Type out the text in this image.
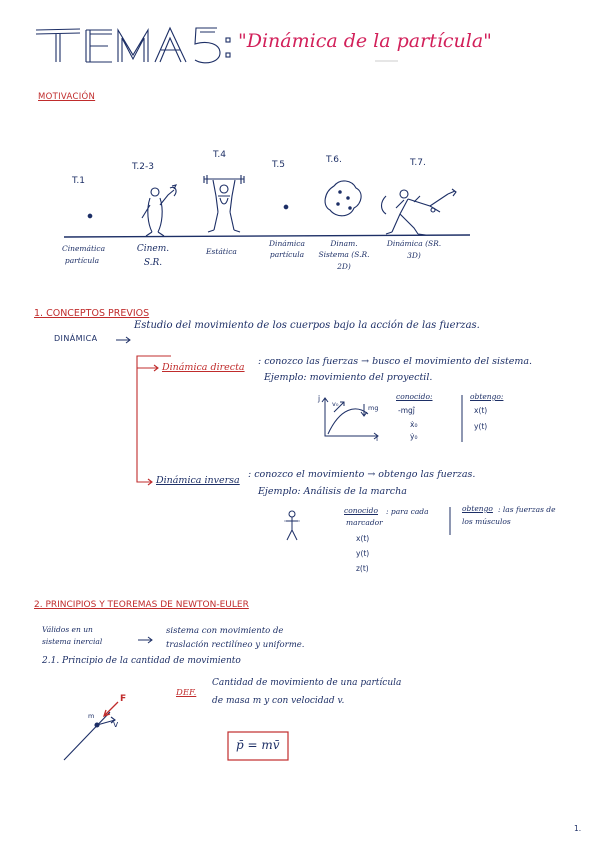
"Dinámica de la partícula"
MOTIVACIÓN
T.1
T.2-3
T.4
T.5	T.6.	T.7.
Cinemática partícula
Cinem. S.R.
Estática
Dinámica partícula
Dinam. Sistema (S.R. 2D)
Dinámica (SR. 3D)
1. CONCEPTOS PREVIOS
DINÁMICA
Estudio del movimiento de los cuerpos bajo la acción de las fuerzas.
Dinámica directa
: conozco las fuerzas → busco el movimiento del sistema.
Ejemplo: movimiento del proyectil.
j
i
v₀	mg
conocido:
-mgĵ
ẋ₀
ẏ₀
obtengo:
x(t)
y(t)
Dinámica inversa
: conozco el movimiento → obtengo las fuerzas.
Ejemplo: Análisis de la marcha
conocido	: para cada marcador
x(t)
y(t)
z(t)
obtengo : las fuerzas de los músculos
2. PRINCIPIOS Y TEOREMAS DE NEWTON-EULER
Válidos en un sistema inercial
sistema con movimiento de
traslación rectilíneo y uniforme.
2.1. Principio de la cantidad de movimiento
DEF.
Cantidad de movimiento de una partícula
de masa m y con velocidad v.
p̄ = mv̄
F
m
v
1.
